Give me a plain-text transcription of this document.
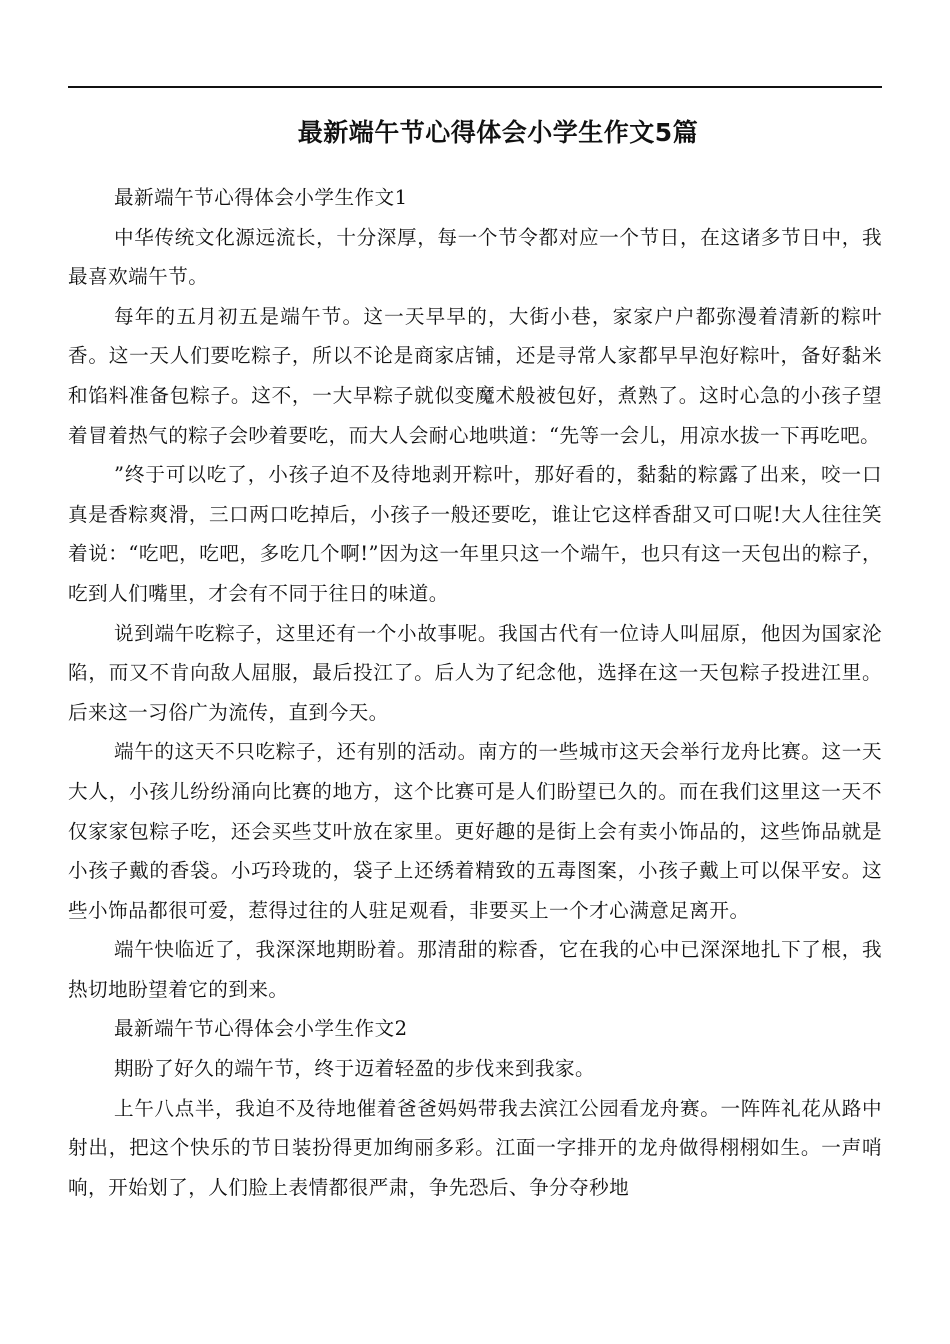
最新端午节心得体会小学生作文5篇

最新端午节心得体会小学生作文1

中华传统文化源远流长，十分深厚，每一个节令都对应一个节日，在这诸多节日中，我最喜欢端午节。

每年的五月初五是端午节。这一天早早的，大街小巷，家家户户都弥漫着清新的粽叶香。这一天人们要吃粽子，所以不论是商家店铺，还是寻常人家都早早泡好粽叶，备好黏米和馅料准备包粽子。这不，一大早粽子就似变魔术般被包好，煮熟了。这时心急的小孩子望着冒着热气的粽子会吵着要吃，而大人会耐心地哄道：“先等一会儿，用凉水拔一下再吃吧。

”终于可以吃了，小孩子迫不及待地剥开粽叶，那好看的，黏黏的粽露了出来，咬一口真是香粽爽滑，三口两口吃掉后，小孩子一般还要吃，谁让它这样香甜又可口呢!大人往往笑着说：“吃吧，吃吧，多吃几个啊!”因为这一年里只这一个端午，也只有这一天包出的粽子，吃到人们嘴里，才会有不同于往日的味道。

说到端午吃粽子，这里还有一个小故事呢。我国古代有一位诗人叫屈原，他因为国家沦陷，而又不肯向敌人屈服，最后投江了。后人为了纪念他，选择在这一天包粽子投进江里。后来这一习俗广为流传，直到今天。

端午的这天不只吃粽子，还有别的活动。南方的一些城市这天会举行龙舟比赛。这一天大人，小孩儿纷纷涌向比赛的地方，这个比赛可是人们盼望已久的。而在我们这里这一天不仅家家包粽子吃，还会买些艾叶放在家里。更好趣的是街上会有卖小饰品的，这些饰品就是小孩子戴的香袋。小巧玲珑的，袋子上还绣着精致的五毒图案，小孩子戴上可以保平安。这些小饰品都很可爱，惹得过往的人驻足观看，非要买上一个才心满意足离开。

端午快临近了，我深深地期盼着。那清甜的粽香，它在我的心中已深深地扎下了根，我热切地盼望着它的到来。

最新端午节心得体会小学生作文2

期盼了好久的端午节，终于迈着轻盈的步伐来到我家。

上午八点半，我迫不及待地催着爸爸妈妈带我去滨江公园看龙舟赛。一阵阵礼花从路中射出，把这个快乐的节日装扮得更加绚丽多彩。江面一字排开的龙舟做得栩栩如生。一声哨响，开始划了，人们脸上表情都很严肃，争先恐后、争分夺秒地
